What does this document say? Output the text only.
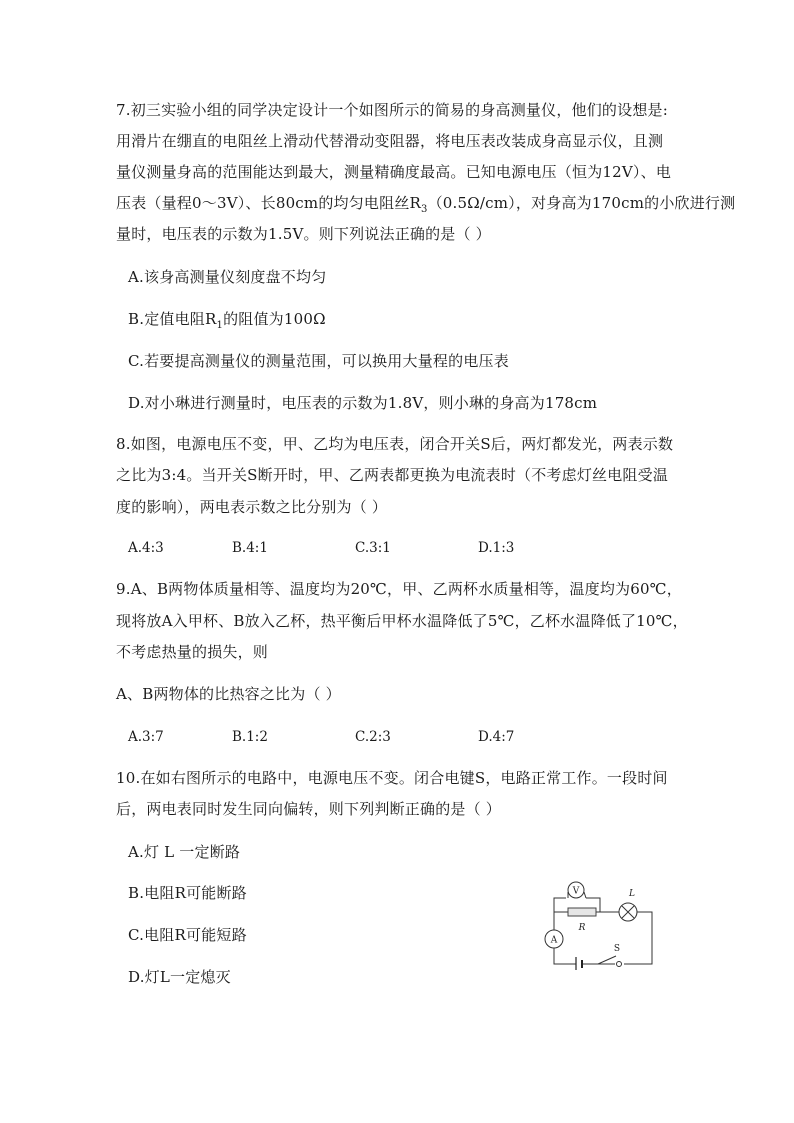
7.初三实验小组的同学决定设计一个如图所示的简易的身高测量仪，他们的设想是:
用滑片在绷直的电阻丝上滑动代替滑动变阻器，将电压表改装成身高显示仪，且测
量仪测量身高的范围能达到最大，测量精确度最高。已知电源电压（恒为12V）、电
压表（量程0～3V）、长80cm的均匀电阻丝$R_3(0.5\Omega/cm)$，对身高为170cm的小欣进行测
量时，电压表的示数为1.5V。则下列说法正确的是（ ）
A.该身高测量仪刻度盘不均匀
B.定值电阻$R_1$的阻值为100Ω
C.若要提高测量仪的测量范围，可以换用大量程的电压表
D.对小琳进行测量时，电压表的示数为1.8V，则小琳的身高为178cm
8.如图，电源电压不变，甲、乙均为电压表，闭合开关S后，两灯都发光，两表示数
之比为3:4。当开关S断开时，甲、乙两表都更换为电流表时（不考虑灯丝电阻受温
度的影响），两电表示数之比分别为（ ）
A.4:3	B.4:1	C.3:1	D.1:3
9.A、B两物体质量相等、温度均为20℃，甲、乙两杯水质量相等，温度均为60℃，
现将放A入甲杯、B放入乙杯，热平衡后甲杯水温降低了5℃，乙杯水温降低了10℃，
不考虑热量的损失，则
A、B两物体的比热容之比为（ ）
A.3:7	B.1:2	C.2:3	D.4:7
10.在如右图所示的电路中，电源电压不变。闭合电键S，电路正常工作。一段时间
后，两电表同时发生同向偏转，则下列判断正确的是（ ）
A.灯 L 一定断路
B.电阻R可能断路
C.电阻R可能短路
D.灯L一定熄灭
V
R
L
A
S
